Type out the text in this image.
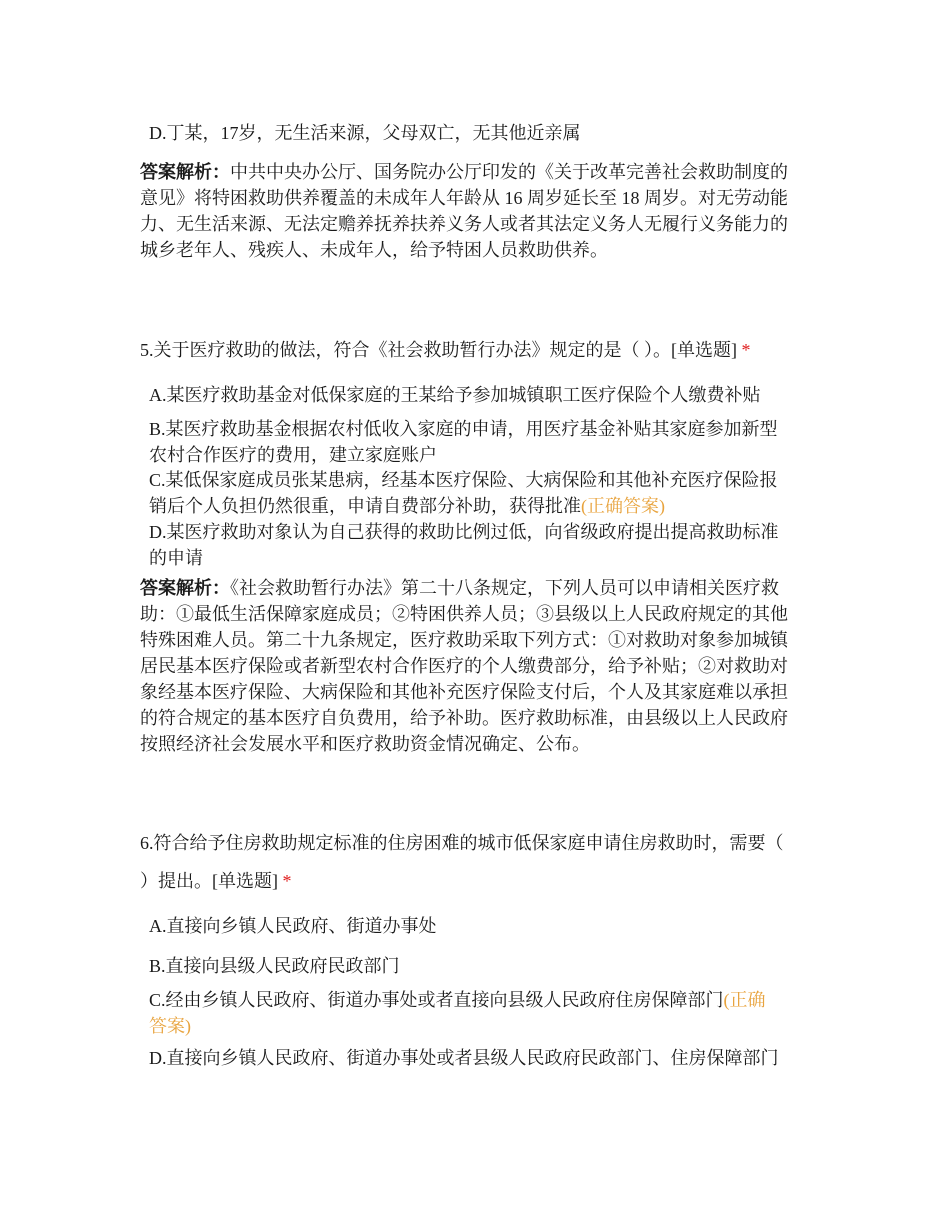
D.丁某，17岁，无生活来源，父母双亡，无其他近亲属
答案解析：中共中央办公厅、国务院办公厅印发的《关于改革完善社会救助制度的
意见》将特困救助供养覆盖的未成年人年龄从 16 周岁延长至 18 周岁。对无劳动能
力、无生活来源、无法定赡养抚养扶养义务人或者其法定义务人无履行义务能力的
城乡老年人、残疾人、未成年人，给予特困人员救助供养。
5.关于医疗救助的做法，符合《社会救助暂行办法》规定的是（ ）。[单选题] *
A.某医疗救助基金对低保家庭的王某给予参加城镇职工医疗保险个人缴费补贴
B.某医疗救助基金根据农村低收入家庭的申请，用医疗基金补贴其家庭参加新型
农村合作医疗的费用，建立家庭账户
C.某低保家庭成员张某患病，经基本医疗保险、大病保险和其他补充医疗保险报
销后个人负担仍然很重，申请自费部分补助，获得批准(正确答案)
D.某医疗救助对象认为自己获得的救助比例过低，向省级政府提出提高救助标准
的申请
答案解析：《社会救助暂行办法》第二十八条规定，下列人员可以申请相关医疗救
助：①最低生活保障家庭成员；②特困供养人员；③县级以上人民政府规定的其他
特殊困难人员。第二十九条规定，医疗救助采取下列方式：①对救助对象参加城镇
居民基本医疗保险或者新型农村合作医疗的个人缴费部分，给予补贴；②对救助对
象经基本医疗保险、大病保险和其他补充医疗保险支付后，个人及其家庭难以承担
的符合规定的基本医疗自负费用，给予补助。医疗救助标准，由县级以上人民政府
按照经济社会发展水平和医疗救助资金情况确定、公布。
6.符合给予住房救助规定标准的住房困难的城市低保家庭申请住房救助时，需要（
）提出。[单选题] *
A.直接向乡镇人民政府、街道办事处
B.直接向县级人民政府民政部门
C.经由乡镇人民政府、街道办事处或者直接向县级人民政府住房保障部门(正确
答案)
D.直接向乡镇人民政府、街道办事处或者县级人民政府民政部门、住房保障部门
